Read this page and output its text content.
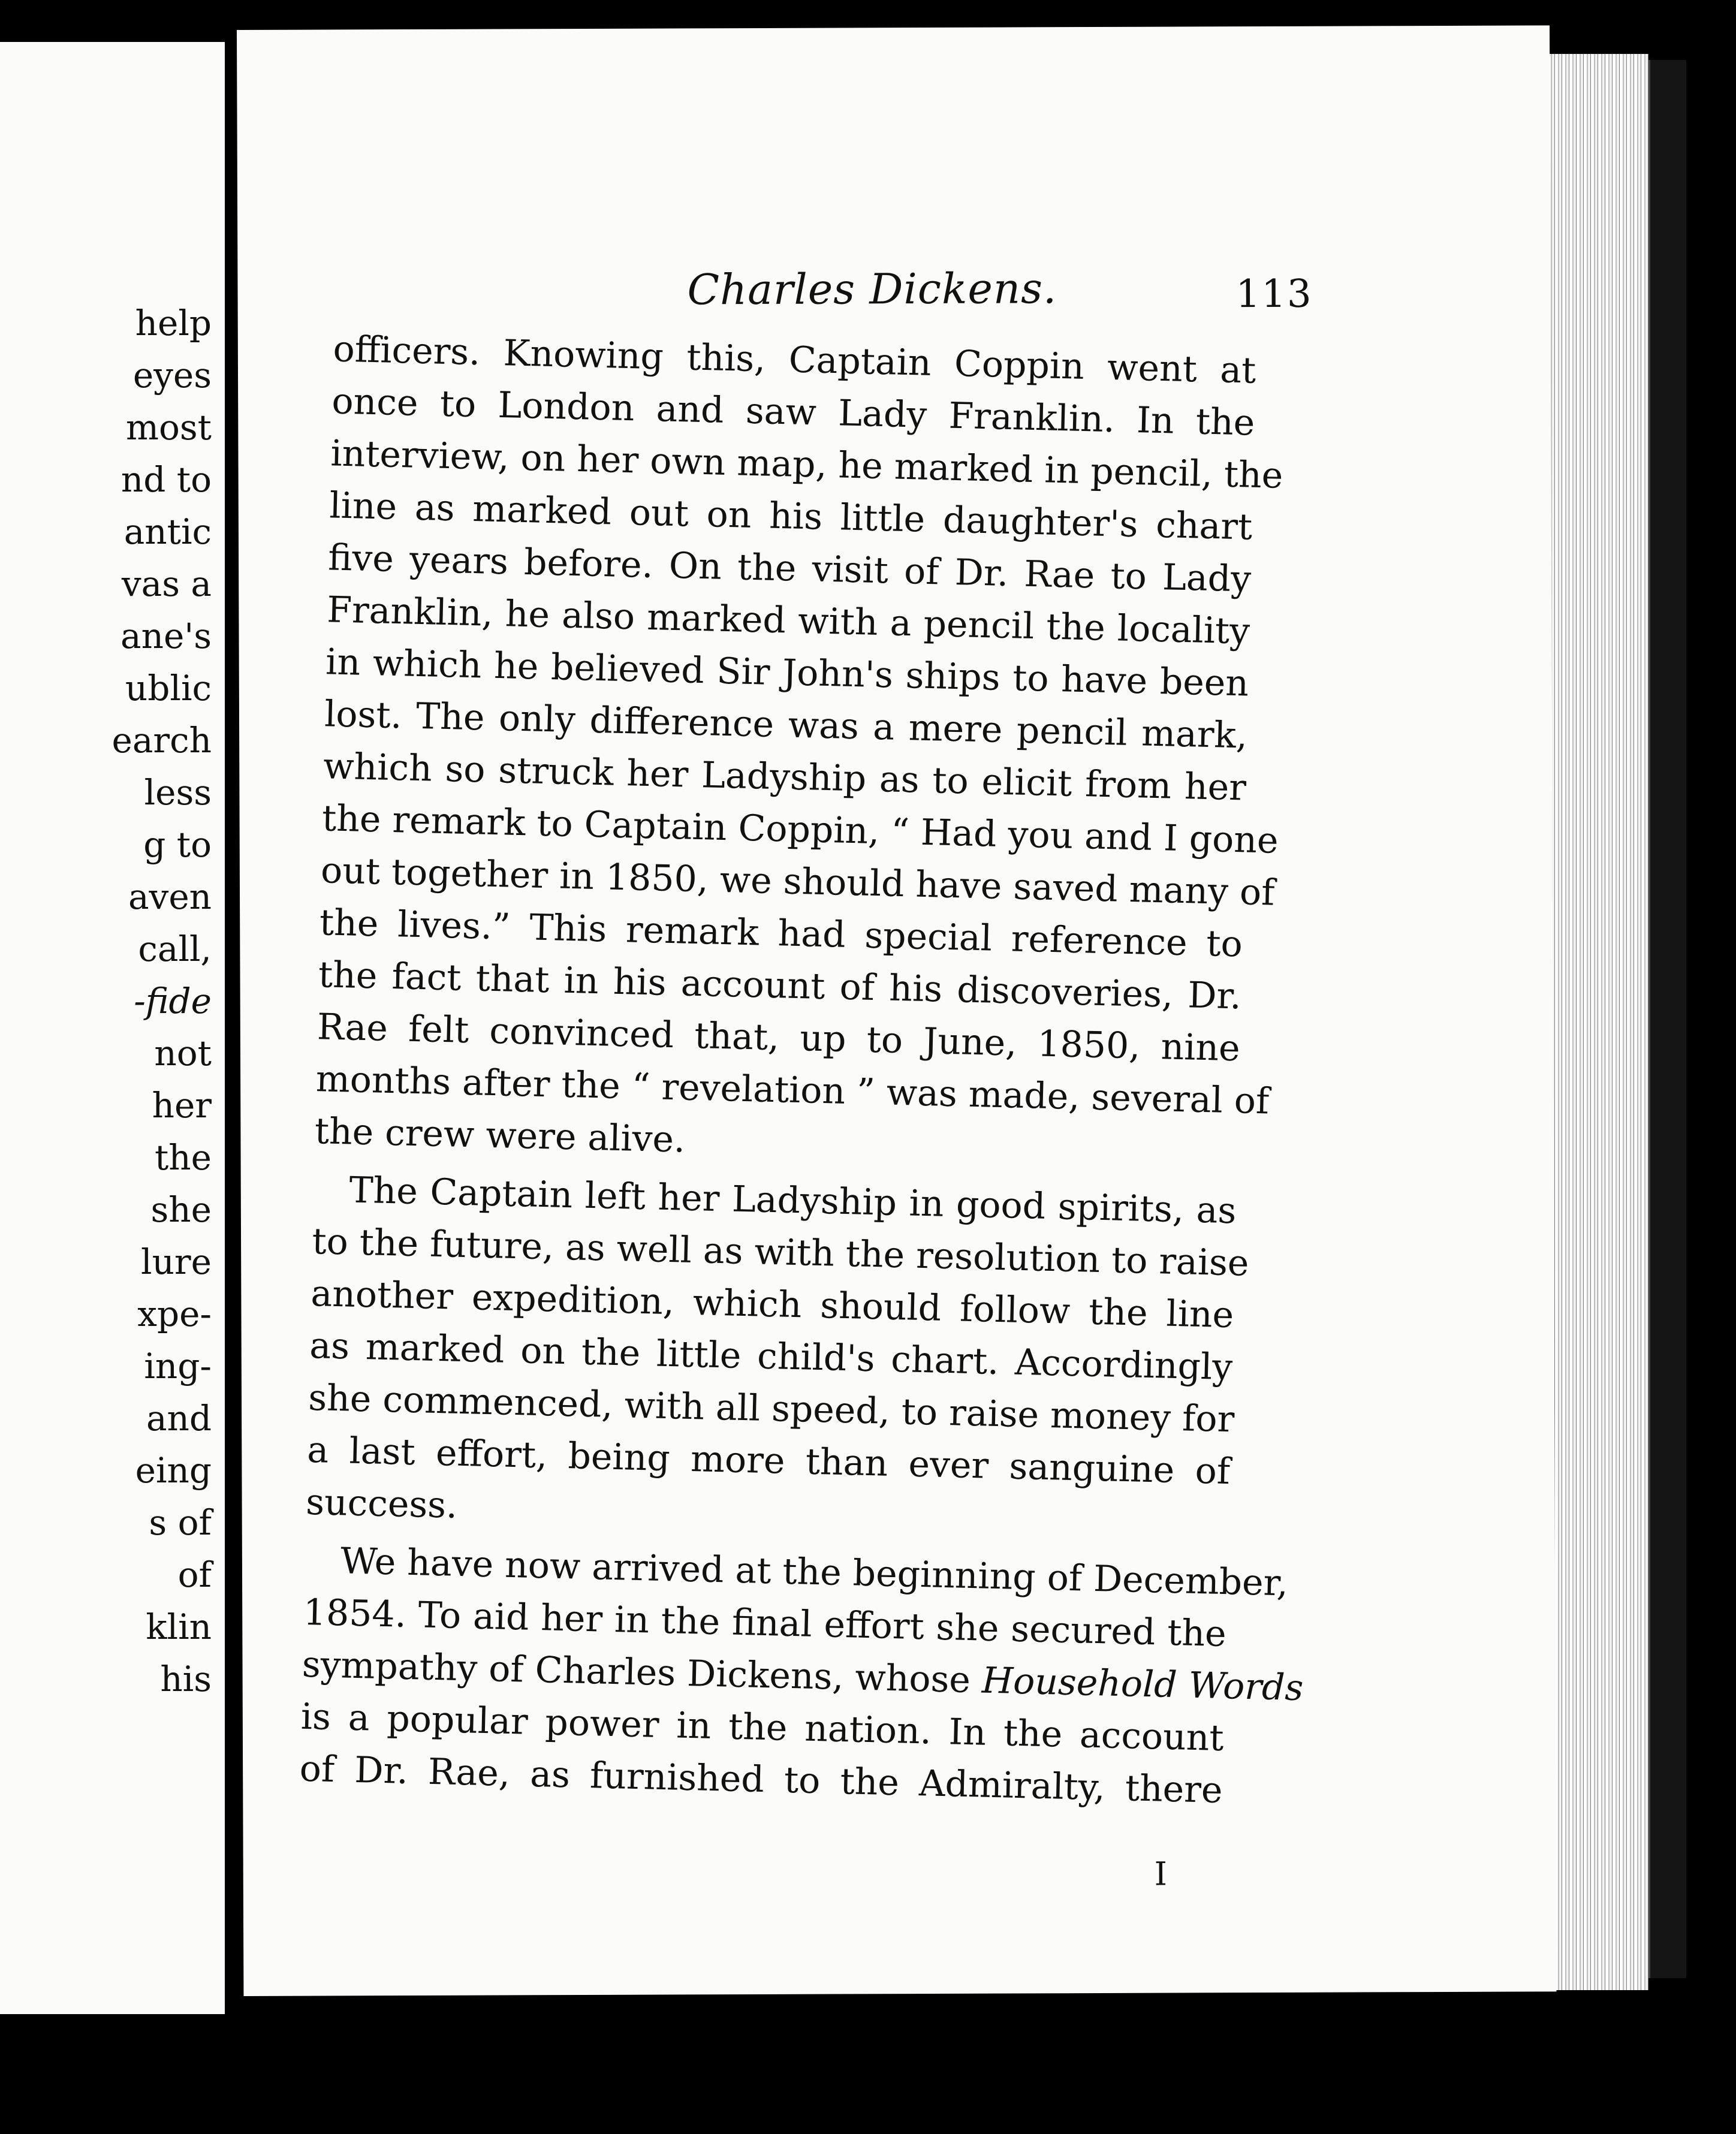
help
eyes
most
nd to
antic
vas a
ane's
ublic
earch
less
g to
aven
call,
-fide
not
her
the
she
lure
xpe-
ing-
and
eing
s of
of
klin
his
Charles Dickens.	113
officers. Knowing this, Captain Coppin went at
once to London and saw Lady Franklin. In the
interview, on her own map, he marked in pencil, the
line as marked out on his little daughter's chart
five years before. On the visit of Dr. Rae to Lady
Franklin, he also marked with a pencil the locality
in which he believed Sir John's ships to have been
lost. The only difference was a mere pencil mark,
which so struck her Ladyship as to elicit from her
the remark to Captain Coppin, “ Had you and I gone
out together in 1850, we should have saved many of
the lives.” This remark had special reference to
the fact that in his account of his discoveries, Dr.
Rae felt convinced that, up to June, 1850, nine
months after the “ revelation ” was made, several of
the crew were alive.
The Captain left her Ladyship in good spirits, as
to the future, as well as with the resolution to raise
another expedition, which should follow the line
as marked on the little child's chart. Accordingly
she commenced, with all speed, to raise money for
a last effort, being more than ever sanguine of
success.
We have now arrived at the beginning of December,
1854. To aid her in the final effort she secured the
sympathy of Charles Dickens, whose Household Words
is a popular power in the nation. In the account
of Dr. Rae, as furnished to the Admiralty, there
I
